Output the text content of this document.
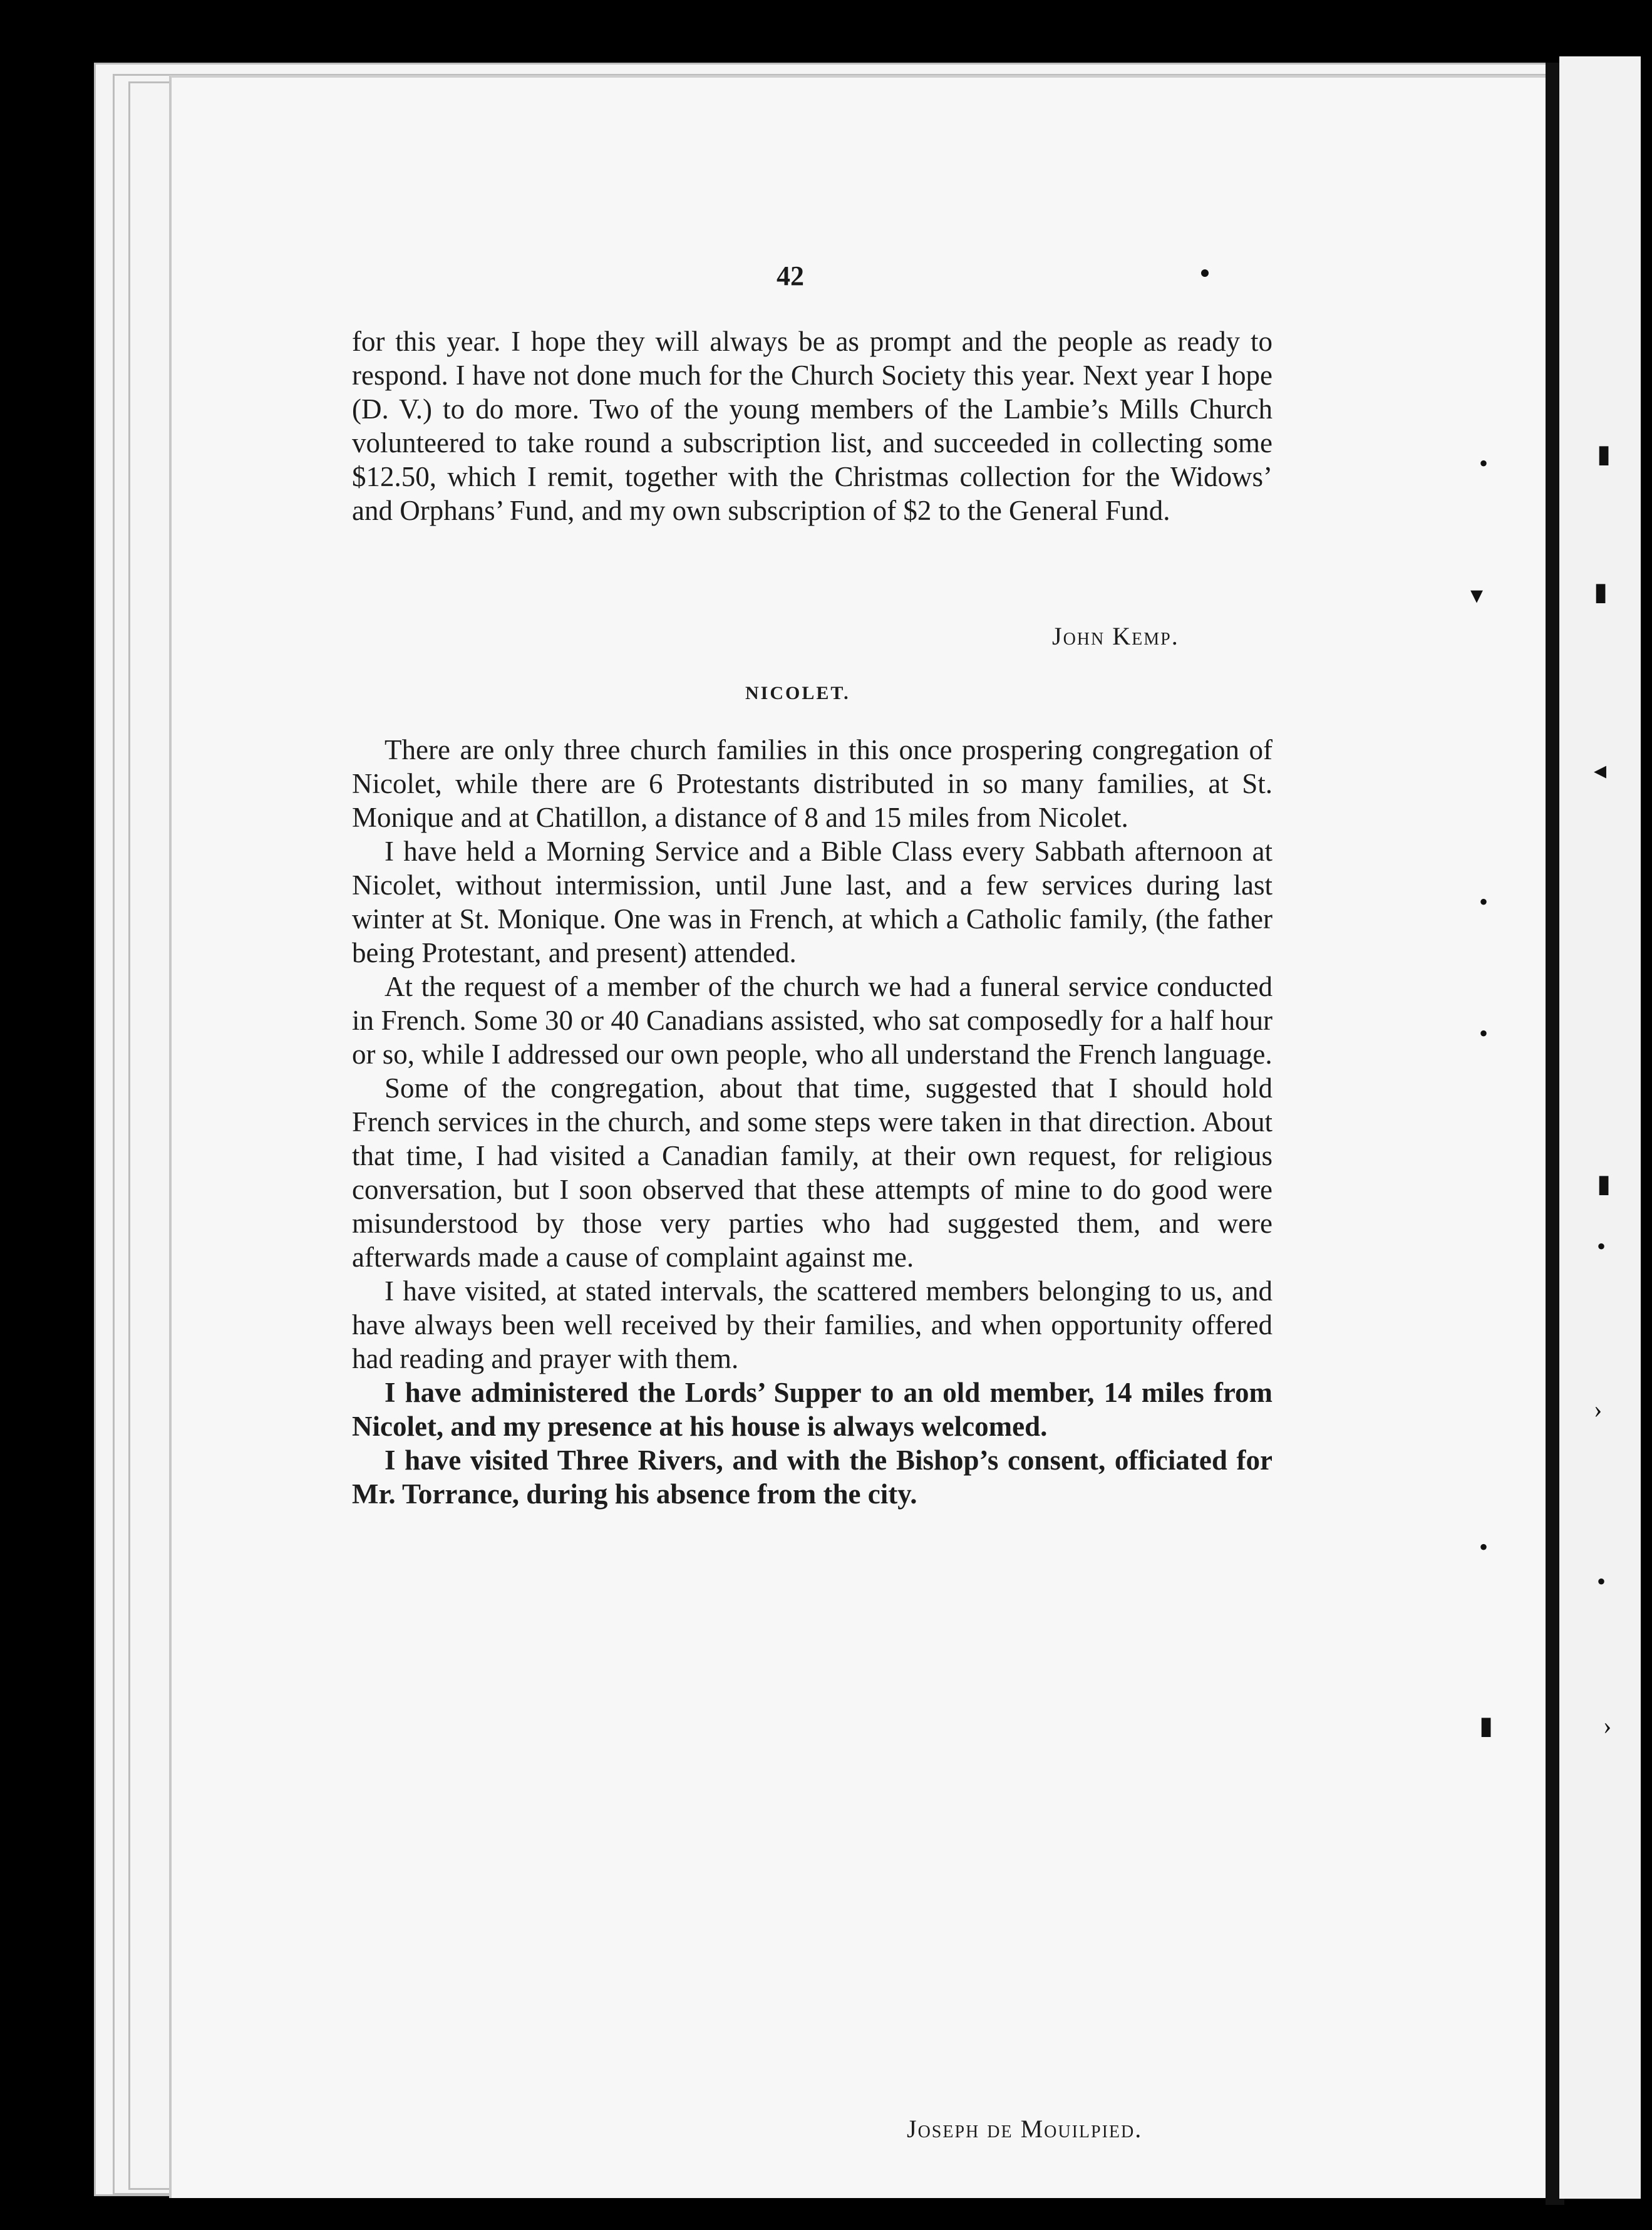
•	▮
▾	▮
◂
•
•
▮
•
›
•
•
▮	›
42

for this year. I hope they will always be as prompt and the people as ready to respond. I have not done much for the Church Society this year. Next year I hope (D. V.) to do more. Two of the young members of the Lambie’s Mills Church volunteered to take round a subscription list, and succeeded in collecting some $12.50, which I remit, together with the Christmas collection for the Widows’ and Orphans’ Fund, and my own subscription of $2 to the General Fund.

John Kemp.
NICOLET.

There are only three church families in this once prospering congregation of Nicolet, while there are 6 Protestants distributed in so many families, at St. Monique and at Chatillon, a distance of 8 and 15 miles from Nicolet.

I have held a Morning Service and a Bible Class every Sabbath afternoon at Nicolet, without intermission, until June last, and a few services during last winter at St. Monique. One was in French, at which a Catholic family, (the father being Protestant, and present) attended.

At the request of a member of the church we had a funeral service conducted in French. Some 30 or 40 Canadians assisted, who sat composedly for a half hour or so, while I addressed our own people, who all understand the French language.

Some of the congregation, about that time, suggested that I should hold French services in the church, and some steps were taken in that direction. About that time, I had visited a Canadian family, at their own request, for religious conversation, but I soon observed that these attempts of mine to do good were misunderstood by those very parties who had suggested them, and were afterwards made a cause of complaint against me.

I have visited, at stated intervals, the scattered members belonging to us, and have always been well received by their families, and when opportunity offered had reading and prayer with them.

I have administered the Lords’ Supper to an old member, 14 miles from Nicolet, and my presence at his house is always welcomed.

I have visited Three Rivers, and with the Bishop’s consent, officiated for Mr. Torrance, during his absence from the city.

Joseph de Mouilpied.
